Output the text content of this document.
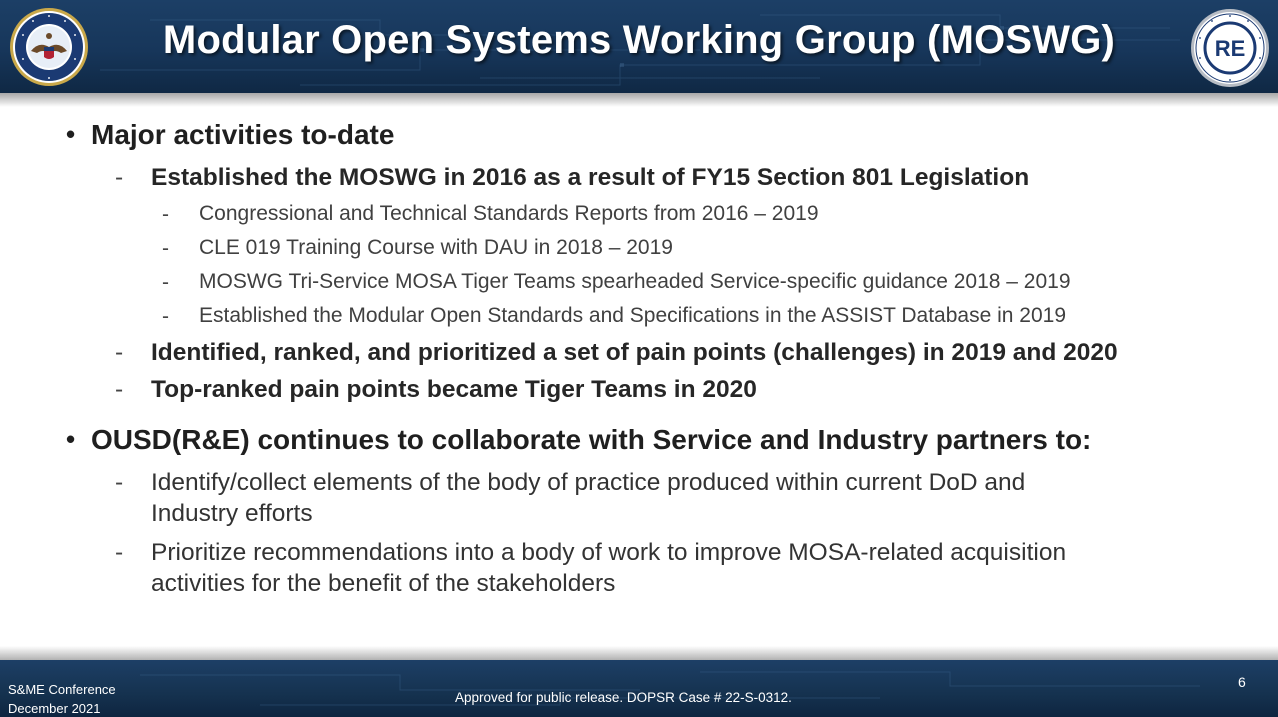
Modular Open Systems Working Group (MOSWG)	RE
• Major activities to-date
- Established the MOSWG in 2016 as a result of FY15 Section 801 Legislation
- Congressional and Technical Standards Reports from 2016 – 2019
- CLE 019 Training Course with DAU in 2018 – 2019
- MOSWG Tri-Service MOSA Tiger Teams spearheaded Service-specific guidance 2018 – 2019
- Established the Modular Open Standards and Specifications in the ASSIST Database in 2019
- Identified, ranked, and prioritized a set of pain points (challenges) in 2019 and 2020
- Top-ranked pain points became Tiger Teams in 2020
• OUSD(R&E) continues to collaborate with Service and Industry partners to:
- Identify/collect elements of the body of practice produced within current DoD and
Industry efforts
- Prioritize recommendations into a body of work to improve MOSA-related acquisition
activities for the benefit of the stakeholders
S&ME Conference
December 2021
Approved for public release. DOPSR Case # 22-S-0312.
6
